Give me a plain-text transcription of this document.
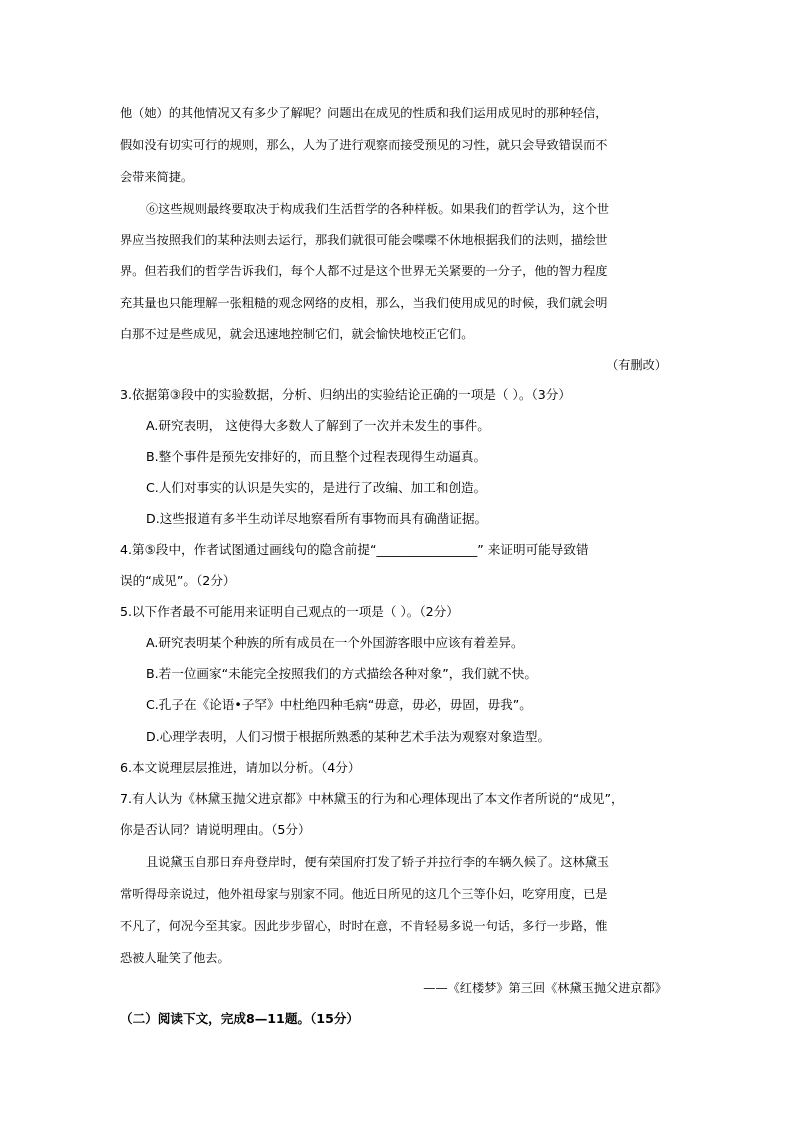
他（她）的其他情况又有多少了解呢？问题出在成见的性质和我们运用成见时的那种轻信，
假如没有切实可行的规则，那么，人为了进行观察而接受预见的习性，就只会导致错误而不
会带来简捷。
⑥这些规则最终要取决于构成我们生活哲学的各种样板。如果我们的哲学认为，这个世
界应当按照我们的某种法则去运行，那我们就很可能会喋喋不休地根据我们的法则，描绘世
界。但若我们的哲学告诉我们，每个人都不过是这个世界无关紧要的一分子，他的智力程度
充其量也只能理解一张粗糙的观念网络的皮相，那么，当我们使用成见的时候，我们就会明
白那不过是些成见，就会迅速地控制它们，就会愉快地校正它们。
（有删改）
3.依据第③段中的实验数据，分析、归纳出的实验结论正确的一项是（ ）。（3分）
A.研究表明， 这使得大多数人了解到了一次并未发生的事件。
B.整个事件是预先安排好的，而且整个过程表现得生动逼真。
C.人们对事实的认识是失实的，是进行了改编、加工和创造。
D.这些报道有多半生动详尽地察看所有事物而具有确凿证据。
4.第⑤段中，作者试图通过画线句的隐含前提“________________” 来证明可能导致错
误的“成见”。（2分）
5.以下作者最不可能用来证明自己观点的一项是（ ）。（2分）
A.研究表明某个种族的所有成员在一个外国游客眼中应该有着差异。
B.若一位画家“未能完全按照我们的方式描绘各种对象”，我们就不快。
C.孔子在《论语•子罕》中杜绝四种毛病“毋意，毋必，毋固，毋我”。
D.心理学表明，人们习惯于根据所熟悉的某种艺术手法为观察对象造型。
6.本文说理层层推进，请加以分析。（4分）
7.有人认为《林黛玉抛父进京都》中林黛玉的行为和心理体现出了本文作者所说的“成见”，
你是否认同？请说明理由。（5分）
且说黛玉自那日弃舟登岸时，便有荣国府打发了轿子并拉行李的车辆久候了。这林黛玉
常听得母亲说过，他外祖母家与别家不同。他近日所见的这几个三等仆妇，吃穿用度，已是
不凡了，何况今至其家。因此步步留心，时时在意，不肯轻易多说一句话，多行一步路，惟
恐被人耻笑了他去。
——《红楼梦》第三回《林黛玉抛父进京都》
（二）阅读下文，完成8—11题。（15分）
